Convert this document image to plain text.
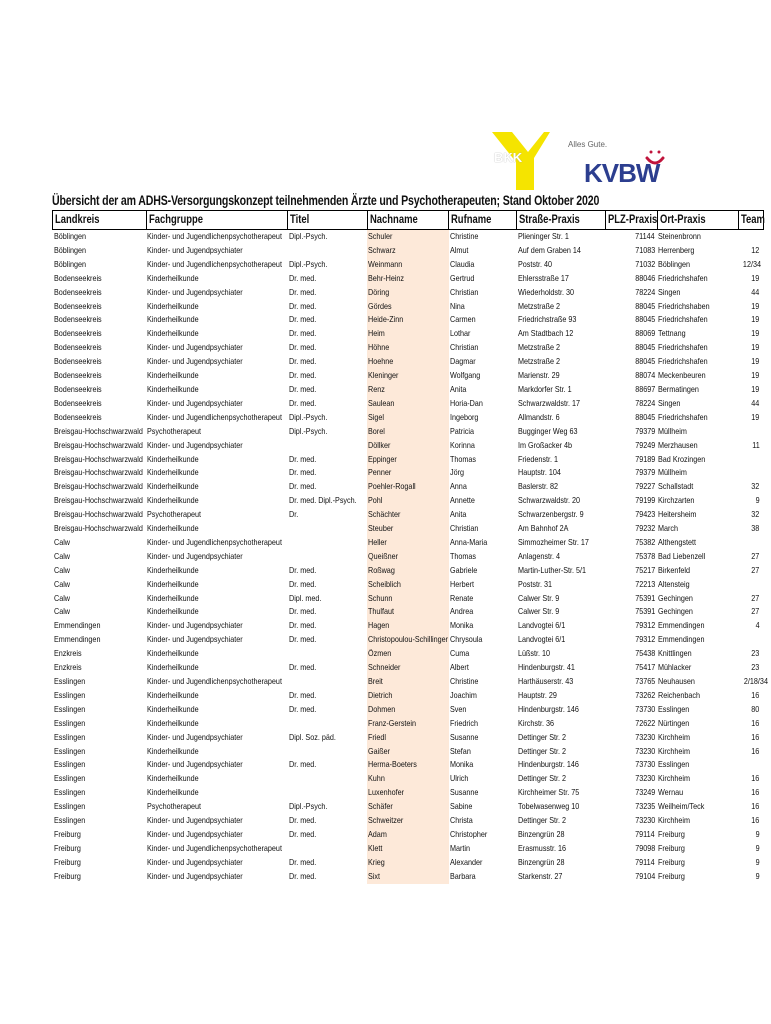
BKK
Alles Gute.
KVBW
Übersicht der am ADHS-Versorgungskonzept teilnehmenden Ärzte und Psychotherapeuten; Stand Oktober 2020
Landkreis	Fachgruppe	Titel	Nachname	Rufname	Straße-Praxis	PLZ-Praxis	Ort-Praxis	Team
Böblingen	Kinder- und Jugendlichenpsychotherapeut	Dipl.-Psych.	Schuler	Christine	Pliening​er Str. 1	71144	Steinenbronn	
Böblingen	Kinder- und Jugendpsychiater		Schwarz	Almut	Auf dem Graben 14	71083	Herrenberg	12
Böblingen	Kinder- und Jugendlichenpsychotherapeut	Dipl.-Psych.	Weinmann	Claudia	Poststr. 40	71032	Böblingen	12/34
Bodenseekreis	Kinderheilkunde	Dr. med.	Behr-Heinz	Gertrud	Ehlersstraße 17	88046	Friedrichshafen	19
Bodenseekreis	Kinder- und Jugendpsychiater	Dr. med.	Döring	Christian	Wiederholdstr. 30	78224	Singen	44
Bodenseekreis	Kinderheilkunde	Dr. med.	Gördes	Nina	Metzstraße 2	88045	Friedrichshaben	19
Bodenseekreis	Kinderheilkunde	Dr. med.	Heide-Zinn	Carmen	Friedrichstraße 93	88045	Friedrichshafen	19
Bodenseekreis	Kinderheilkunde	Dr. med.	Heim	Lothar	Am Stadtbach 12	88069	Tettnang	19
Bodenseekreis	Kinder- und Jugendpsychiater	Dr. med.	Höhne	Christian	Metzstraße 2	88045	Friedrichshafen	19
Bodenseekreis	Kinder- und Jugendpsychiater	Dr. med.	Hoehne	Dagmar	Metzstraße 2	88045	Friedrichshafen	19
Bodenseekreis	Kinderheilkunde	Dr. med.	Kleninger	Wolfgang	Marienstr. 29	88074	Meckenbeuren	19
Bodenseekreis	Kinderheilkunde	Dr. med.	Renz	Anita	Markdorfer Str. 1	88697	Bermatingen	19
Bodenseekreis	Kinder- und Jugendpsychiater	Dr. med.	Saulean	Horia-Dan	Schwarzwaldstr. 17	78224	Singen	44
Bodenseekreis	Kinder- und Jugendlichenpsychotherapeut	Dipl.-Psych.	Sigel	Ingeborg	Allmandstr. 6	88045	Friedrichshafen	19
Breisgau-Hochschwarzwald	Psychotherapeut	Dipl.-Psych.	Borel	Patricia	Bugginger Weg 63	79379	Müllheim	
Breisgau-Hochschwarzwald	Kinder- und Jugendpsychiater		Döllker	Korinna	Im Großacker 4b	79249	Merzhausen	11
Breisgau-Hochschwarzwald	Kinderheilkunde	Dr. med.	Eppinger	Thomas	Friedenstr. 1	79189	Bad Krozingen	
Breisgau-Hochschwarzwald	Kinderheilkunde	Dr. med.	Penner	Jörg	Hauptstr. 104	79379	Müllheim	
Breisgau-Hochschwarzwald	Kinderheilkunde	Dr. med.	Poehler-Rogall	Anna	Baslerstr. 82	79227	Schallstadt	32
Breisgau-Hochschwarzwald	Kinderheilkunde	Dr. med. Dipl.-Psych.	Pohl	Annette	Schwarzwaldstr. 20	79199	Kirchzarten	9
Breisgau-Hochschwarzwald	Psychotherapeut	Dr.	Schächter	Anita	Schwarzenbergstr. 9	79423	Heitersheim	32
Breisgau-Hochschwarzwald	Kinderheilkunde		Steuber	Christian	Am Bahnhof 2A	79232	March	38
Calw	Kinder- und Jugendlichenpsychotherapeut		Heller	Anna-Maria	Simmozheimer Str. 17	75382	Althengstett	
Calw	Kinder- und Jugendpsychiater		Queißner	Thomas	Anlagenstr. 4	75378	Bad Liebenzell	27
Calw	Kinderheilkunde	Dr. med.	Roßwag	Gabriele	Martin-Luther-Str. 5/1	75217	Birkenfeld	27
Calw	Kinderheilkunde	Dr. med.	Scheiblich	Herbert	Poststr. 31	72213	Altensteig	
Calw	Kinderheilkunde	Dipl. med.	Schunn	Renate	Calwer Str. 9	75391	Gechingen	27
Calw	Kinderheilkunde	Dr. med.	Thulfaut	Andrea	Calwer Str. 9	75391	Gechingen	27
Emmendingen	Kinder- und Jugendpsychiater	Dr. med.	Hagen	Monika	Landvogtei 6/1	79312	Emmendingen	4
Emmendingen	Kinder- und Jugendpsychiater	Dr. med.	Christopoulou-Schillinger	Chrysoula	Landvogtei 6/1	79312	Emmendingen	
Enzkreis	Kinderheilkunde		Özmen	Cuma	Lüßstr. 10	75438	Knittlingen	23
Enzkreis	Kinderheilkunde	Dr. med.	Schneider	Albert	Hindenburgstr. 41	75417	Mühlacker	23
Esslingen	Kinder- und Jugendlichenpsychotherapeut		Breit	Christine	Harthäuserstr. 43	73765	Neuhausen	2/18/34
Esslingen	Kinderheilkunde	Dr. med.	Dietrich	Joachim	Hauptstr. 29	73262	Reichenbach	16
Esslingen	Kinderheilkunde	Dr. med.	Dohmen	Sven	Hindenburgstr. 146	73730	Esslingen	80
Esslingen	Kinderheilkunde		Franz-Gerstein	Friedrich	Kirchstr. 36	72622	Nürtingen	16
Esslingen	Kinder- und Jugendpsychiater	Dipl. Soz. päd.	Friedl	Susanne	Dettinger Str. 2	73230	Kirchheim	16
Esslingen	Kinderheilkunde		Gaißer	Stefan	Dettinger Str. 2	73230	Kirchheim	16
Esslingen	Kinder- und Jugendpsychiater	Dr. med.	Herma-Boeters	Monika	Hindenburgstr. 146	73730	Esslingen	
Esslingen	Kinderheilkunde		Kuhn	Ulrich	Dettinger Str. 2	73230	Kirchheim	16
Esslingen	Kinderheilkunde		Luxenhofer	Susanne	Kirchheimer Str. 75	73249	Wernau	16
Esslingen	Psychotherapeut	Dipl.-Psych.	Schäfer	Sabine	Tobelwasenweg 10	73235	Weilheim/Teck	16
Esslingen	Kinder- und Jugendpsychiater	Dr. med.	Schweitzer	Christa	Dettinger Str. 2	73230	Kirchheim	16
Freiburg	Kinder- und Jugendpsychiater	Dr. med.	Adam	Christopher	Binzengrün 28	79114	Freiburg	9
Freiburg	Kinder- und Jugendlichenpsychotherapeut		Klett	Martin	Erasmusstr. 16	79098	Freiburg	9
Freiburg	Kinder- und Jugendpsychiater	Dr. med.	Krieg	Alexander	Binzengrün 28	79114	Freiburg	9
Freiburg	Kinder- und Jugendpsychiater	Dr. med.	Sixt	Barbara	Starkenstr. 27	79104	Freiburg	9
